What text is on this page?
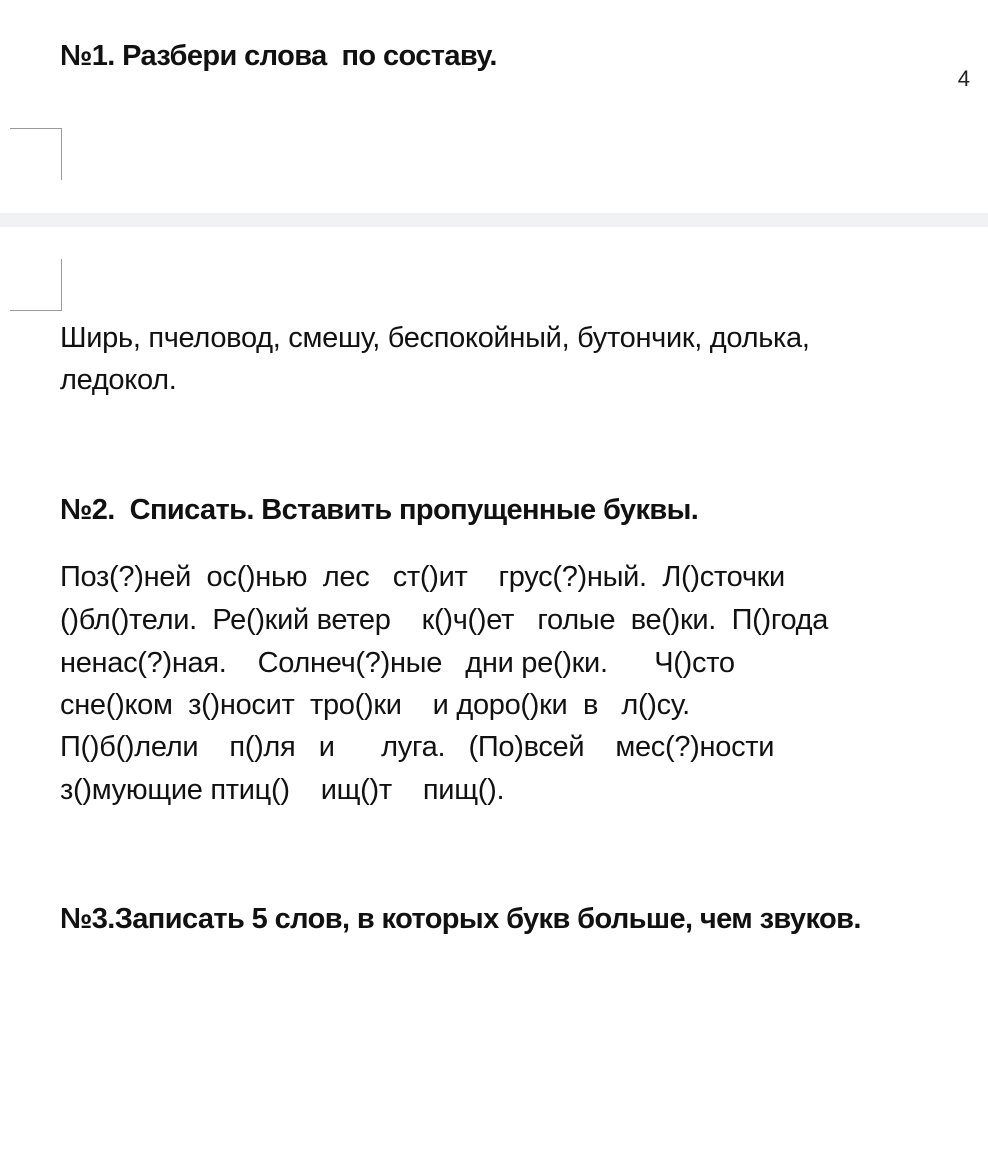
№1. Разбери слова  по составу.
4
Ширь, пчеловод, смешу, беспокойный, бутончик, долька,
ледокол.
№2.  Списать. Вставить пропущенные буквы.
Поз(?)ней  ос()нью  лес   ст()ит    грус(?)ный.  Л()сточки
()бл()тели.  Ре()кий ветер    к()ч()ет   голые  ве()ки.  П()года
ненас(?)ная.    Солнеч(?)ные   дни ре()ки.      Ч()сто
сне()ком  з()носит  тро()ки    и доро()ки  в   л()су.
П()б()лели    п()ля   и      луга.   (По)всей    мес(?)ности
з()мующие птиц()    ищ()т    пищ().
№3.Записать 5 слов, в которых букв больше, чем звуков.
